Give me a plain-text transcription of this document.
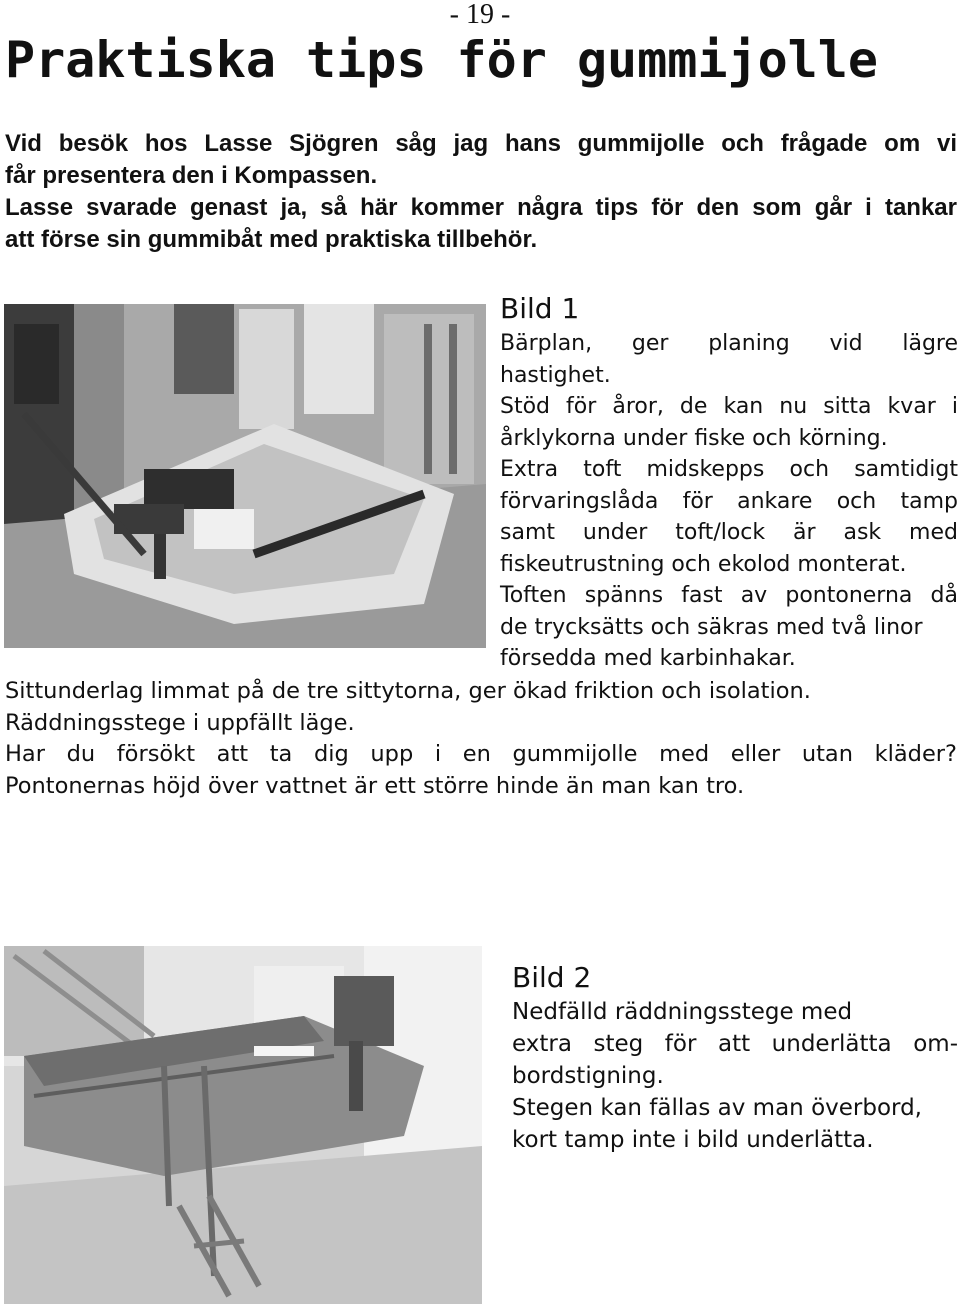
- 19 -
Praktiska tips för gummijolle
Vid besök hos Lasse Sjögren såg jag hans gummijolle och frågade om vi
får presentera den i Kompassen.
Lasse svarade genast ja, så här kommer några tips för den som går i tankar
att förse sin gummibåt med praktiska tillbehör.
Bild 1
Bärplan, ger planing vid lägre
hastighet.
Stöd för åror, de kan nu sitta kvar i
årklykorna under fiske och körning.
Extra toft midskepps och samtidigt
förvaringslåda för ankare och tamp
samt under toft/lock är ask med
fiskeutrustning och ekolod monterat.
Toften spänns fast av pontonerna då
de trycksätts och säkras med två linor
försedda med karbinhakar.
Sittunderlag limmat på de tre sittytorna, ger ökad friktion och isolation.
Räddningsstege i uppfällt läge.
Har du försökt att ta dig upp i en gummijolle med eller utan kläder?
Pontonernas höjd över vattnet är ett större hinde än man kan tro.
Bild 2
Nedfälld räddningsstege med
extra steg för att underlätta om-
bordstigning.
Stegen kan fällas av man överbord,
kort tamp inte i bild underlätta.
